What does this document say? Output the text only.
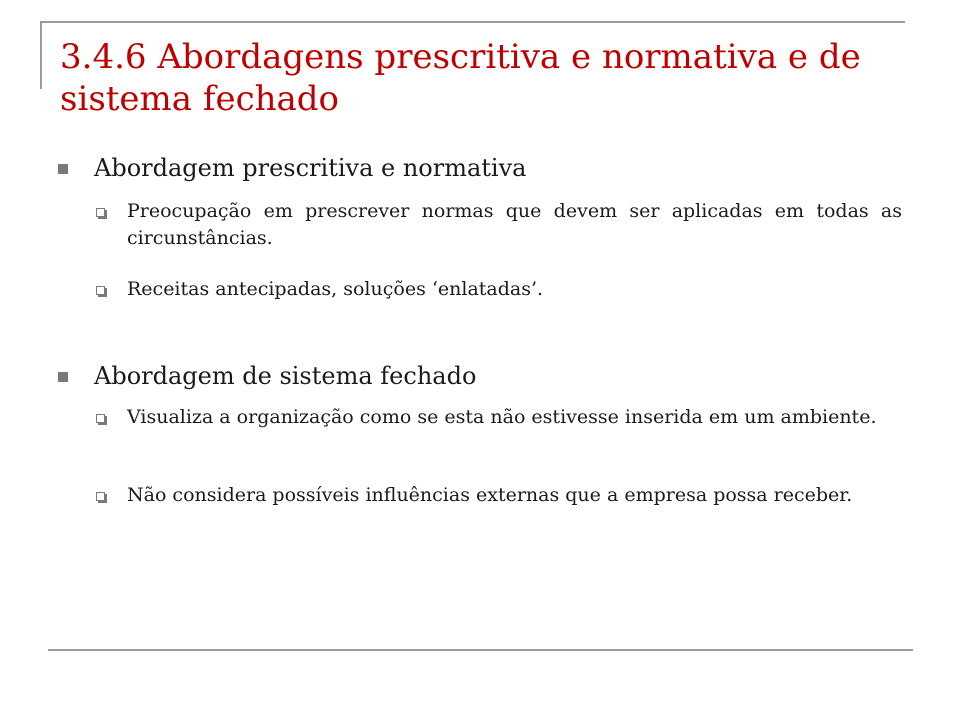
3.4.6 Abordagens prescritiva e normativa e de sistema fechado
Abordagem prescritiva e normativa
Preocupação em prescrever normas que devem ser aplicadas em todas as circunstâncias.
Receitas antecipadas, soluções ‘enlatadas’.
Abordagem de sistema fechado
Visualiza a organização como se esta não estivesse inserida em um ambiente.
Não considera possíveis influências externas que a empresa possa receber.
